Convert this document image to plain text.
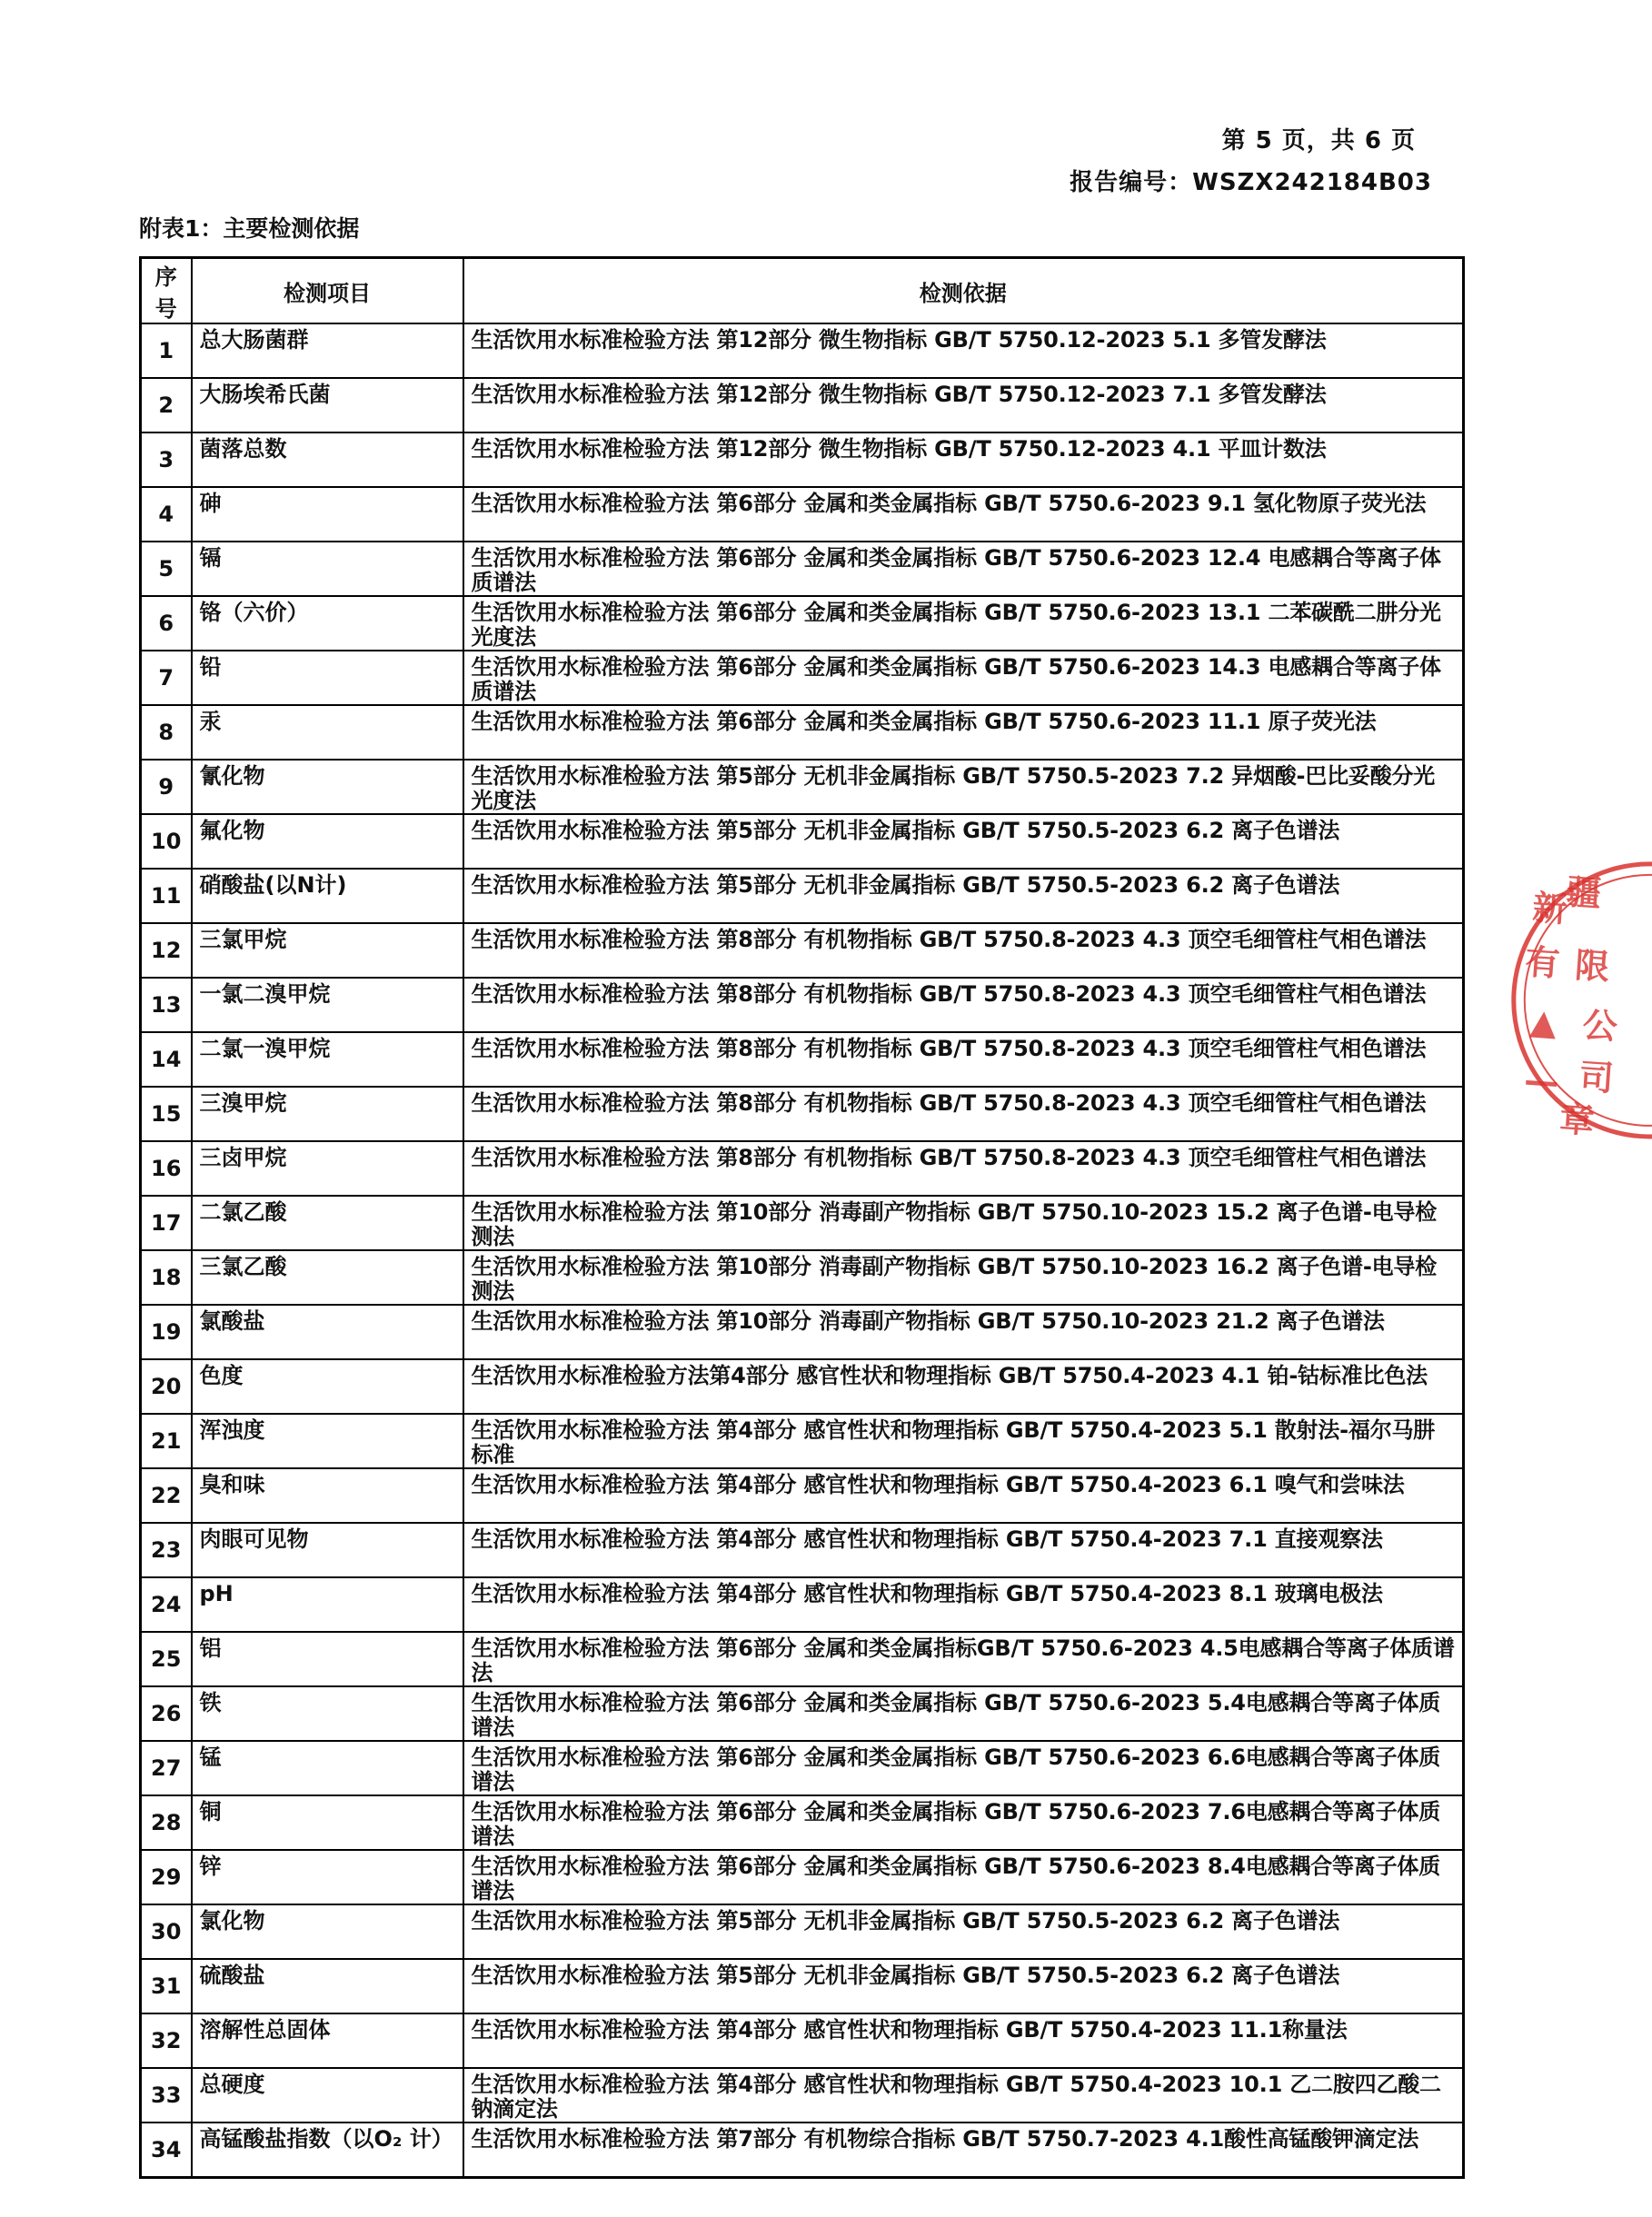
第 5 页，共 6 页
报告编号：WSZX242184B03
附表1：主要检测依据
序号	检测项目	检测依据
1	总大肠菌群	生活饮用水标准检验方法 第12部分 微生物指标 GB/T 5750.12-2023 5.1 多管发酵法
2	大肠埃希氏菌	生活饮用水标准检验方法 第12部分 微生物指标 GB/T 5750.12-2023 7.1 多管发酵法
3	菌落总数	生活饮用水标准检验方法 第12部分 微生物指标 GB/T 5750.12-2023 4.1 平皿计数法
4	砷	生活饮用水标准检验方法 第6部分 金属和类金属指标 GB/T 5750.6-2023 9.1 氢化物原子荧光法
5	镉	生活饮用水标准检验方法 第6部分 金属和类金属指标 GB/T 5750.6-2023 12.4 电感耦合等离子体质谱法
6	铬（六价）	生活饮用水标准检验方法 第6部分 金属和类金属指标 GB/T 5750.6-2023 13.1 二苯碳酰二肼分光光度法
7	铅	生活饮用水标准检验方法 第6部分 金属和类金属指标 GB/T 5750.6-2023 14.3 电感耦合等离子体质谱法
8	汞	生活饮用水标准检验方法 第6部分 金属和类金属指标 GB/T 5750.6-2023 11.1 原子荧光法
9	氰化物	生活饮用水标准检验方法 第5部分 无机非金属指标 GB/T 5750.5-2023 7.2 异烟酸-巴比妥酸分光光度法
10	氟化物	生活饮用水标准检验方法 第5部分 无机非金属指标 GB/T 5750.5-2023 6.2 离子色谱法
11	硝酸盐(以N计)	生活饮用水标准检验方法 第5部分 无机非金属指标 GB/T 5750.5-2023 6.2 离子色谱法
12	三氯甲烷	生活饮用水标准检验方法 第8部分 有机物指标 GB/T 5750.8-2023 4.3 顶空毛细管柱气相色谱法
13	一氯二溴甲烷	生活饮用水标准检验方法 第8部分 有机物指标 GB/T 5750.8-2023 4.3 顶空毛细管柱气相色谱法
14	二氯一溴甲烷	生活饮用水标准检验方法 第8部分 有机物指标 GB/T 5750.8-2023 4.3 顶空毛细管柱气相色谱法
15	三溴甲烷	生活饮用水标准检验方法 第8部分 有机物指标 GB/T 5750.8-2023 4.3 顶空毛细管柱气相色谱法
16	三卤甲烷	生活饮用水标准检验方法 第8部分 有机物指标 GB/T 5750.8-2023 4.3 顶空毛细管柱气相色谱法
17	二氯乙酸	生活饮用水标准检验方法 第10部分 消毒副产物指标 GB/T 5750.10-2023 15.2 离子色谱-电导检测法
18	三氯乙酸	生活饮用水标准检验方法 第10部分 消毒副产物指标 GB/T 5750.10-2023 16.2 离子色谱-电导检测法
19	氯酸盐	生活饮用水标准检验方法 第10部分 消毒副产物指标 GB/T 5750.10-2023 21.2 离子色谱法
20	色度	生活饮用水标准检验方法第4部分 感官性状和物理指标 GB/T 5750.4-2023 4.1 铂-钴标准比色法
21	浑浊度	生活饮用水标准检验方法 第4部分 感官性状和物理指标 GB/T 5750.4-2023 5.1 散射法-福尔马肼标准
22	臭和味	生活饮用水标准检验方法 第4部分 感官性状和物理指标 GB/T 5750.4-2023 6.1 嗅气和尝味法
23	肉眼可见物	生活饮用水标准检验方法 第4部分 感官性状和物理指标 GB/T 5750.4-2023 7.1 直接观察法
24	pH	生活饮用水标准检验方法 第4部分 感官性状和物理指标 GB/T 5750.4-2023 8.1 玻璃电极法
25	铝	生活饮用水标准检验方法 第6部分 金属和类金属指标GB/T 5750.6-2023 4.5电感耦合等离子体质谱法
26	铁	生活饮用水标准检验方法 第6部分 金属和类金属指标 GB/T 5750.6-2023 5.4电感耦合等离子体质谱法
27	锰	生活饮用水标准检验方法 第6部分 金属和类金属指标 GB/T 5750.6-2023 6.6电感耦合等离子体质谱法
28	铜	生活饮用水标准检验方法 第6部分 金属和类金属指标 GB/T 5750.6-2023 7.6电感耦合等离子体质谱法
29	锌	生活饮用水标准检验方法 第6部分 金属和类金属指标 GB/T 5750.6-2023 8.4电感耦合等离子体质谱法
30	氯化物	生活饮用水标准检验方法 第5部分 无机非金属指标 GB/T 5750.5-2023 6.2 离子色谱法
31	硫酸盐	生活饮用水标准检验方法 第5部分 无机非金属指标 GB/T 5750.5-2023 6.2 离子色谱法
32	溶解性总固体	生活饮用水标准检验方法 第4部分 感官性状和物理指标 GB/T 5750.4-2023 11.1称量法
33	总硬度	生活饮用水标准检验方法 第4部分 感官性状和物理指标 GB/T 5750.4-2023 10.1 乙二胺四乙酸二钠滴定法
34	高锰酸盐指数（以O₂ 计）	生活饮用水标准检验方法 第7部分 有机物综合指标 GB/T 5750.7-2023 4.1酸性高锰酸钾滴定法
新
疆
有 限
▲ 公
— 司
章
